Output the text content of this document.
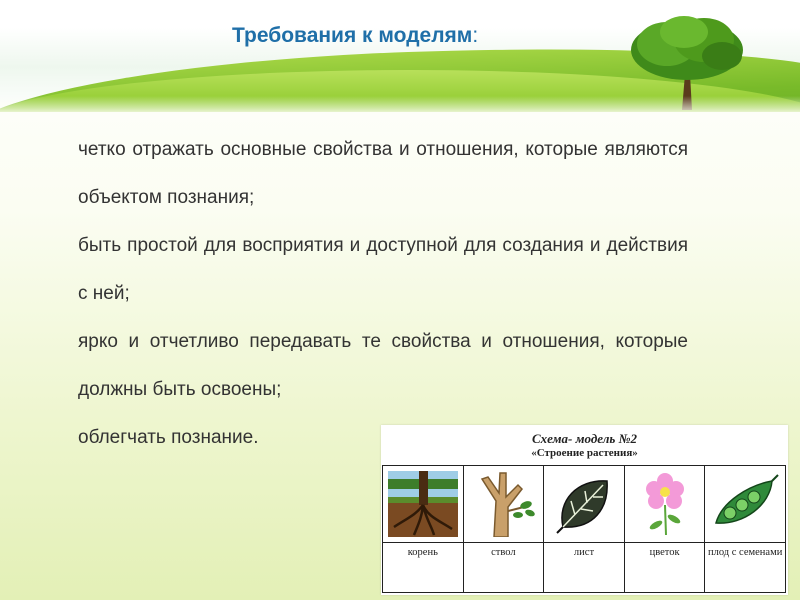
Требования к моделям:
четко отражать основные свойства и отношения, которые являются объектом познания;
быть простой для восприятия и доступной для создания и действия с ней;
ярко и отчетливо передавать те свойства и отношения, которые должны быть освоены;
облегчать познание.	Схема- модель №2

«Строение растения»

корень	ствол	лист	цветок	плод с семенами
